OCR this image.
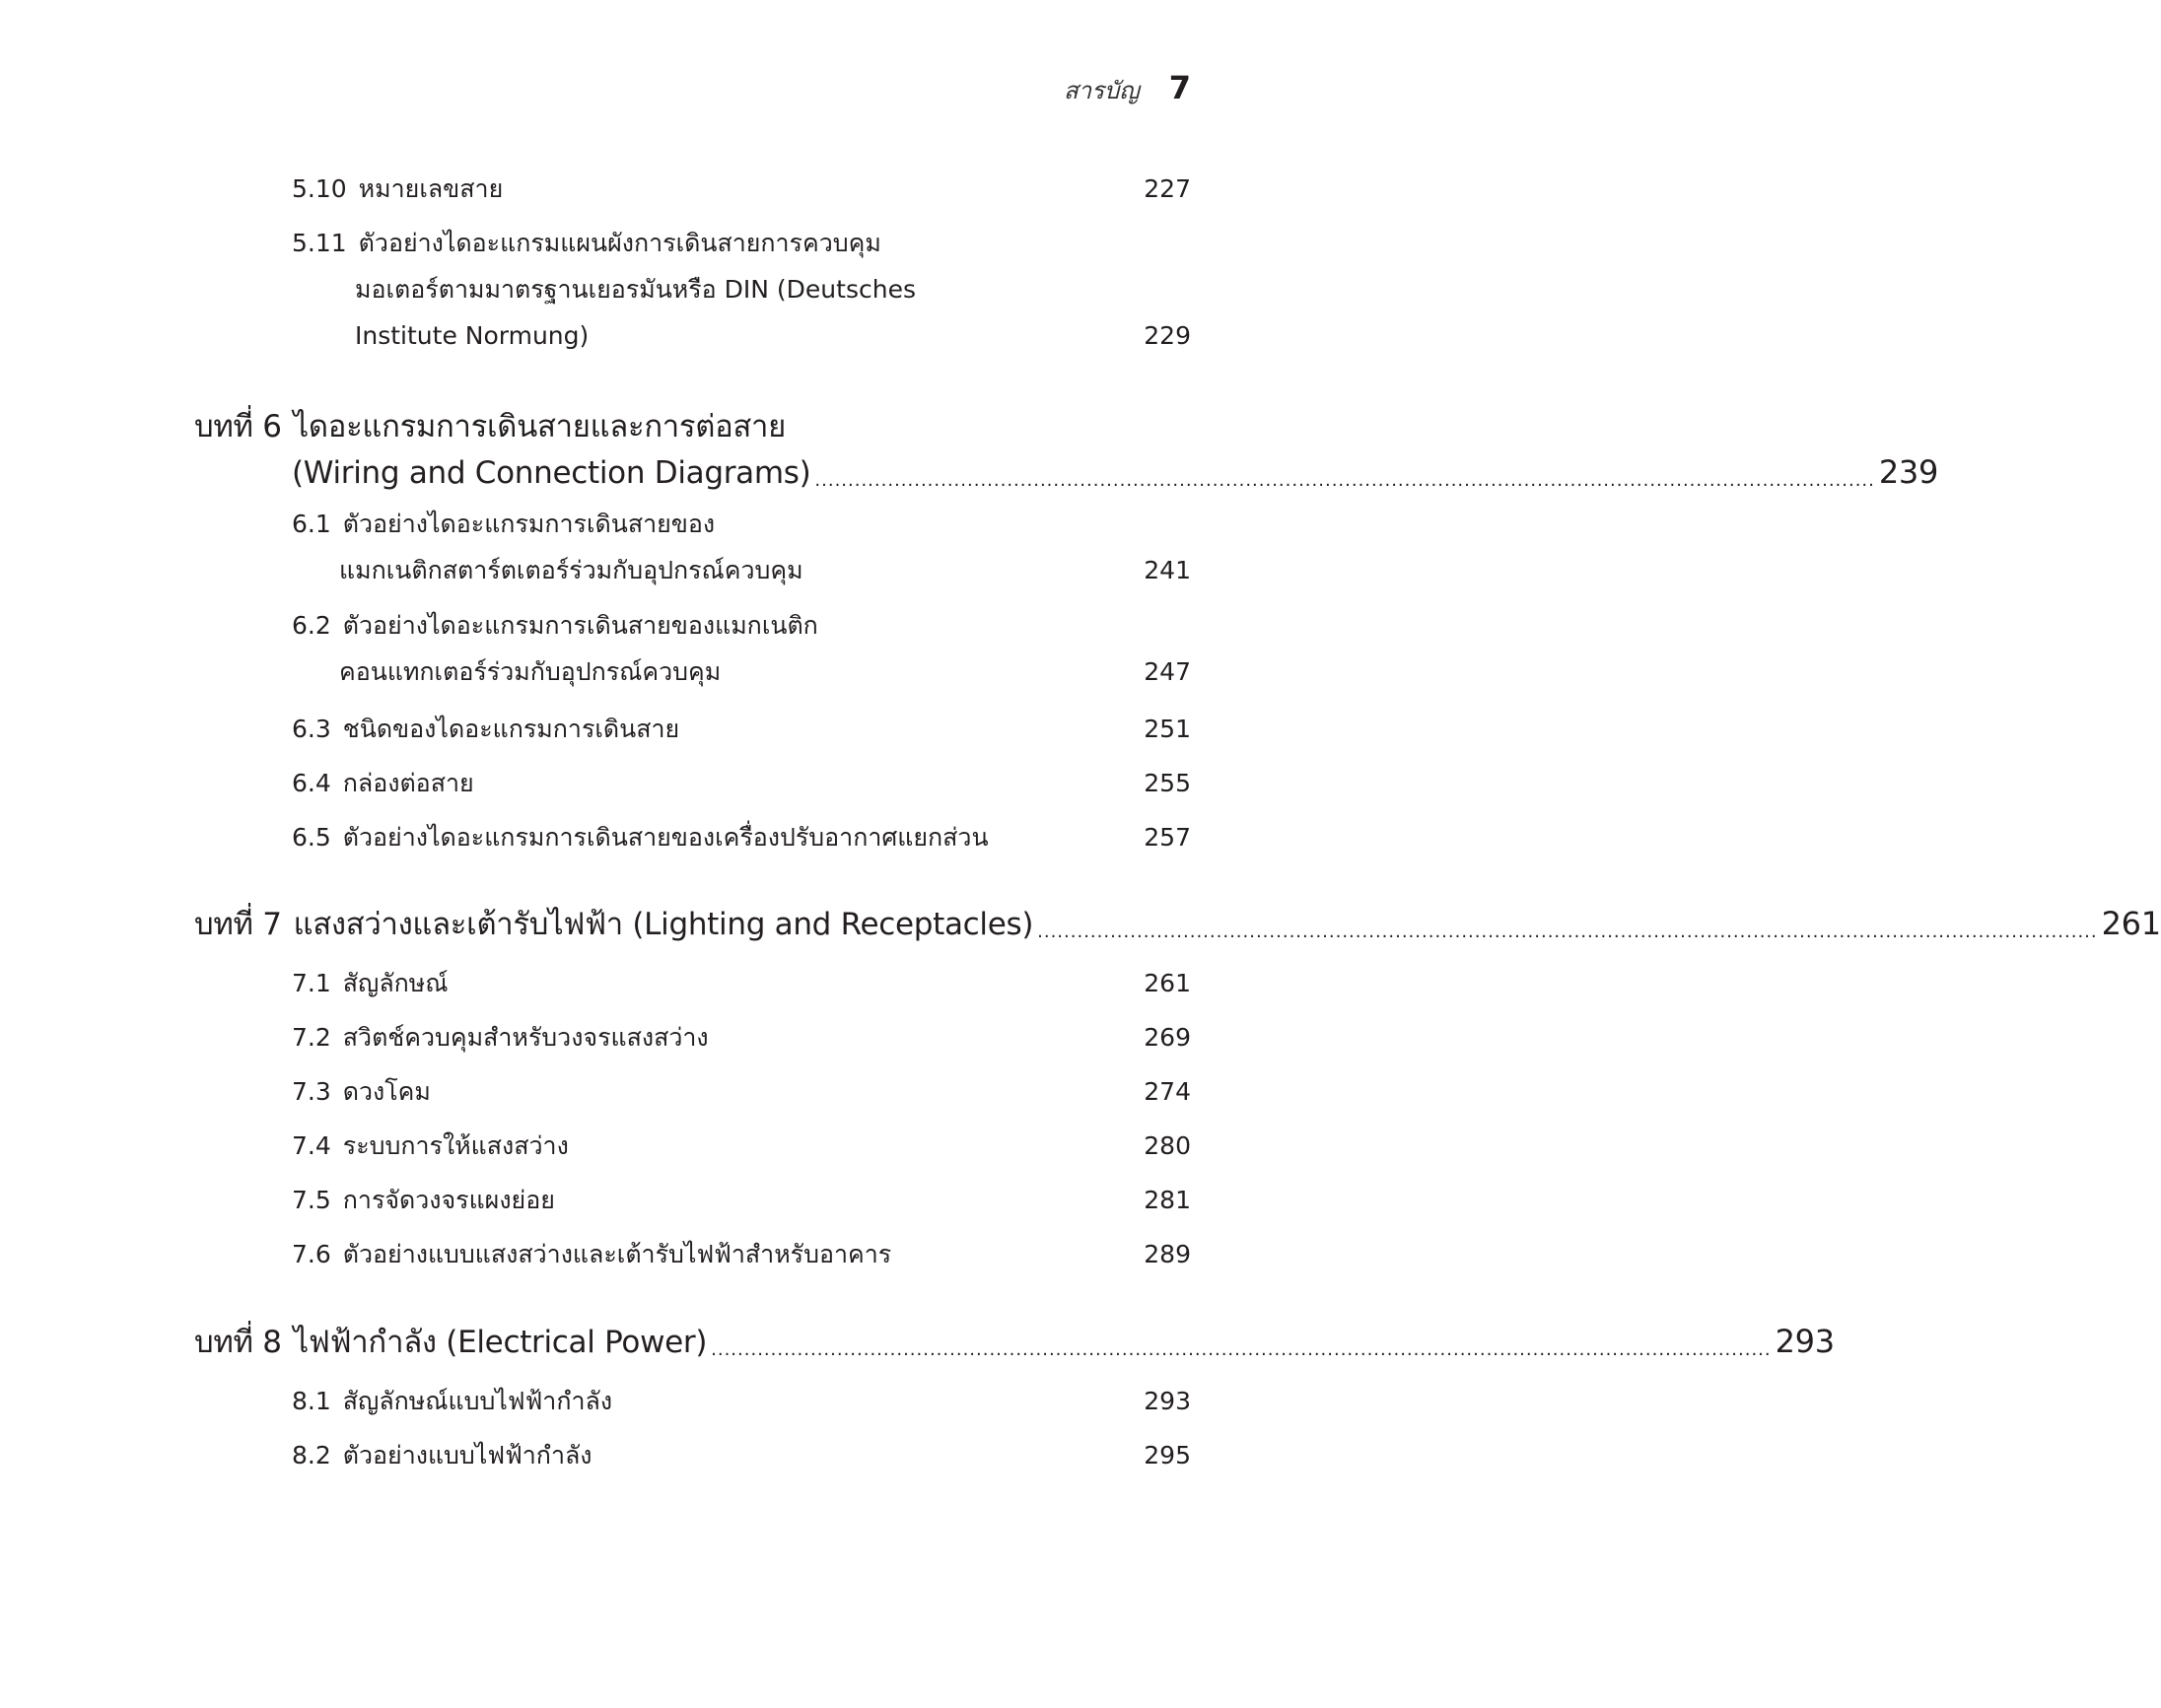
สารบัญ 7
5.10 หมายเลขสาย	227
5.11 ตัวอย่างไดอะแกรมแผนผังการเดินสายการควบคุม
มอเตอร์ตามมาตรฐานเยอรมันหรือ DIN (Deutsches
Institute Normung)	229
บทที่ 6 ไดอะแกรมการเดินสายและการต่อสาย
(Wiring and Connection Diagrams) ................................................................................................................................................................ 239
6.1 ตัวอย่างไดอะแกรมการเดินสายของ
แมกเนติกสตาร์ตเตอร์ร่วมกับอุปกรณ์ควบคุม	241
6.2 ตัวอย่างไดอะแกรมการเดินสายของแมกเนติก
คอนแทกเตอร์ร่วมกับอุปกรณ์ควบคุม	247
6.3 ชนิดของไดอะแกรมการเดินสาย	251
6.4 กล่องต่อสาย	255
6.5 ตัวอย่างไดอะแกรมการเดินสายของเครื่องปรับอากาศแยกส่วน	257
บทที่ 7 แสงสว่างและเต้ารับไฟฟ้า (Lighting and Receptacles) ................................................................................................................................................................ 261
7.1 สัญลักษณ์	261
7.2 สวิตช์ควบคุมสำหรับวงจรแสงสว่าง	269
7.3 ดวงโคม	274
7.4 ระบบการให้แสงสว่าง	280
7.5 การจัดวงจรแผงย่อย	281
7.6 ตัวอย่างแบบแสงสว่างและเต้ารับไฟฟ้าสำหรับอาคาร	289
บทที่ 8 ไฟฟ้ากำลัง (Electrical Power) ................................................................................................................................................................ 293
8.1 สัญลักษณ์แบบไฟฟ้ากำลัง	293
8.2 ตัวอย่างแบบไฟฟ้ากำลัง	295
